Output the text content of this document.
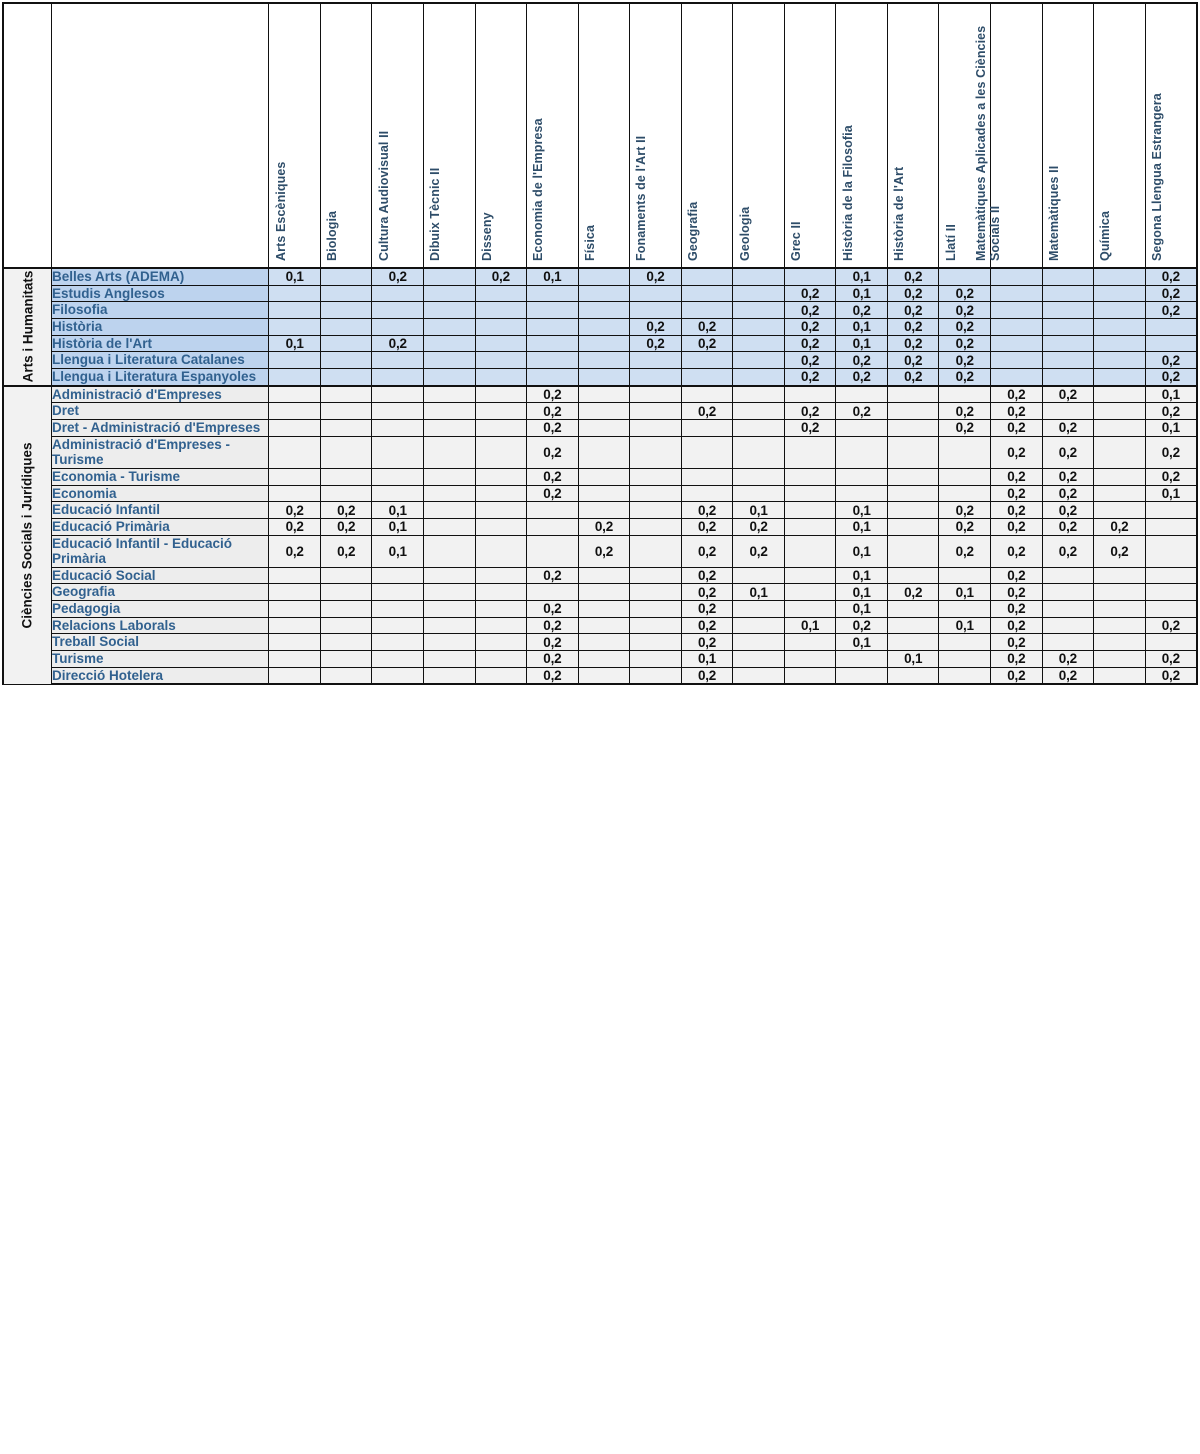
		Arts Escèniques	Biologia	Cultura Audiovisual II	Dibuix Tècnic II	Disseny	Economia de l'Empresa	Física	Fonaments de l'Art II	Geografia	Geologia	Grec II	Història de la Filosofia	Història de l'Art	Llatí II	Matemàtiques Aplicades a les Ciències Socials II	Matemàtiques II	Química	Segona Llengua Estrangera

Arts i Humanitats	Belles Arts (ADEMA)	0,1		0,2		0,2	0,1		0,2				0,1	0,2					0,2
	Estudis Anglesos											0,2	0,1	0,2	0,2				0,2
	Filosofia											0,2	0,2	0,2	0,2				0,2
	Història								0,2	0,2		0,2	0,1	0,2	0,2				
	Història de l'Art	0,1		0,2					0,2	0,2		0,2	0,1	0,2	0,2				
	Llengua i Literatura Catalanes											0,2	0,2	0,2	0,2				0,2
	Llengua i Literatura Espanyoles											0,2	0,2	0,2	0,2				0,2

Ciències Socials i Jurídiques	Administració d'Empreses						0,2									0,2	0,2		0,1
	Dret						0,2			0,2		0,2	0,2		0,2	0,2			0,2
	Dret - Administració d'Empreses						0,2					0,2			0,2	0,2	0,2		0,1
	Administració d'Empreses - Turisme						0,2									0,2	0,2		0,2
	Economia - Turisme						0,2									0,2	0,2		0,2
	Economia						0,2									0,2	0,2		0,1
	Educació Infantil	0,2	0,2	0,1						0,2	0,1		0,1		0,2	0,2	0,2		
	Educació Primària	0,2	0,2	0,1				0,2		0,2	0,2		0,1		0,2	0,2	0,2	0,2	
	Educació Infantil - Educació Primària	0,2	0,2	0,1				0,2		0,2	0,2		0,1		0,2	0,2	0,2	0,2	
	Educació Social						0,2			0,2			0,1			0,2			
	Geografia									0,2	0,1		0,1	0,2	0,1	0,2			
	Pedagogia						0,2			0,2			0,1			0,2			
	Relacions Laborals						0,2			0,2		0,1	0,2		0,1	0,2			0,2
	Treball Social						0,2			0,2			0,1			0,2			
	Turisme						0,2			0,1				0,1		0,2	0,2		0,2
	Direcció Hotelera						0,2			0,2						0,2	0,2		0,2
